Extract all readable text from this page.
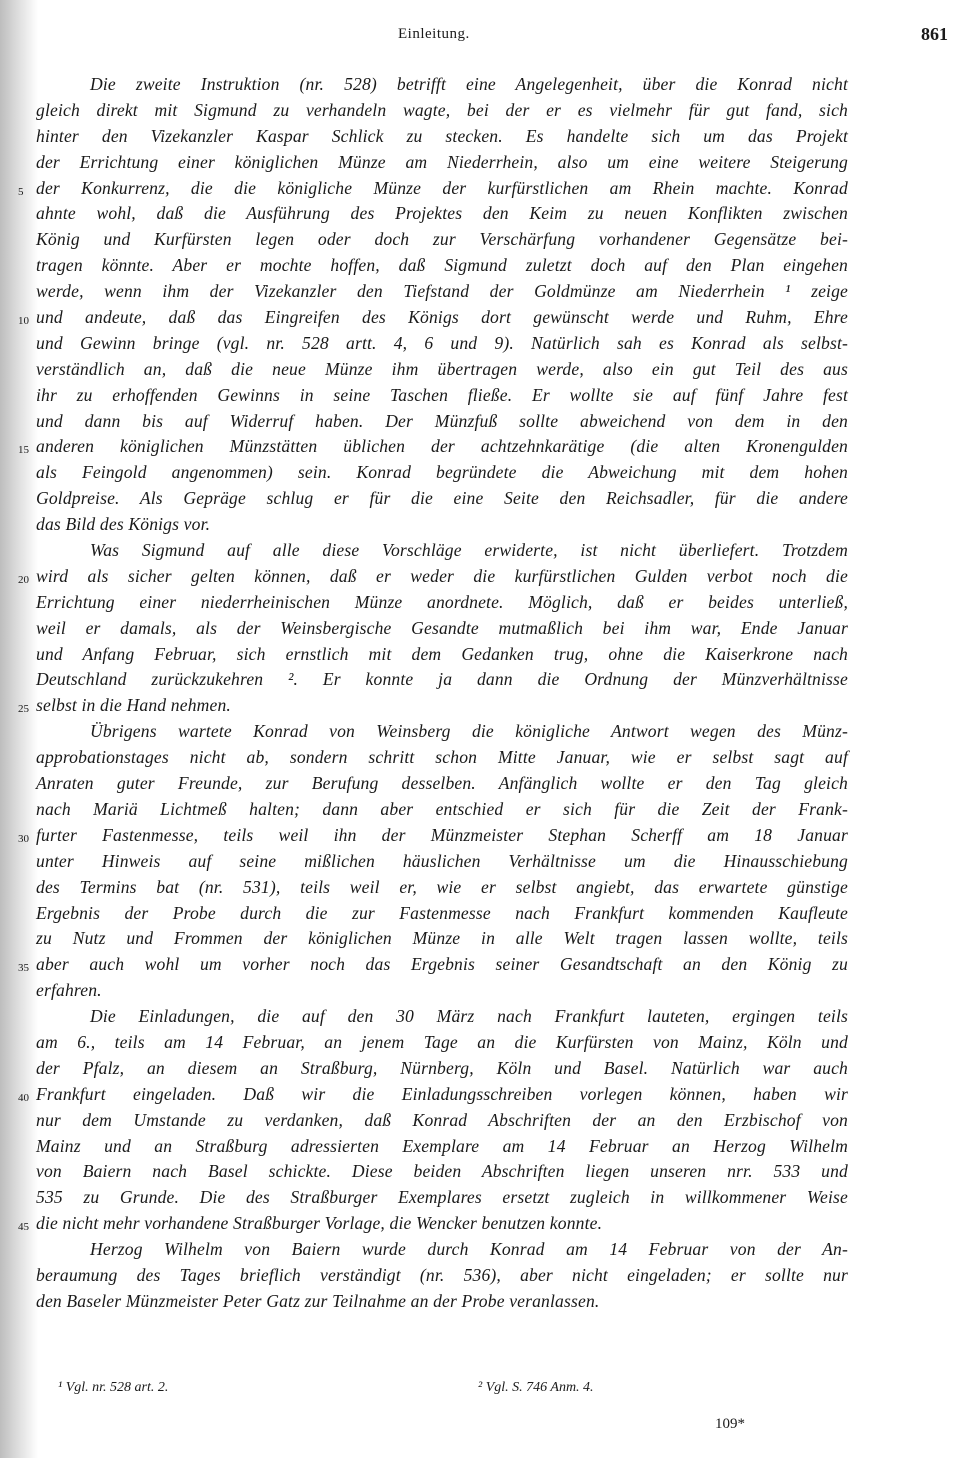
Einleitung.	861
Die zweite Instruktion (nr. 528) betrifft eine Angelegenheit, über die Konrad nicht
gleich direkt mit Sigmund zu verhandeln wagte, bei der er es vielmehr für gut fand, sich
hinter den Vizekanzler Kaspar Schlick zu stecken. Es handelte sich um das Projekt
der Errichtung einer königlichen Münze am Niederrhein, also um eine weitere Steigerung
5 der Konkurrenz, die die königliche Münze der kurfürstlichen am Rhein machte. Konrad
ahnte wohl, daß die Ausführung des Projektes den Keim zu neuen Konflikten zwischen
König und Kurfürsten legen oder doch zur Verschärfung vorhandener Gegensätze bei-
tragen könnte. Aber er mochte hoffen, daß Sigmund zuletzt doch auf den Plan eingehen
werde, wenn ihm der Vizekanzler den Tiefstand der Goldmünze am Niederrhein ¹ zeige
10 und andeute, daß das Eingreifen des Königs dort gewünscht werde und Ruhm, Ehre
und Gewinn bringe (vgl. nr. 528 artt. 4, 6 und 9). Natürlich sah es Konrad als selbst-
verständlich an, daß die neue Münze ihm übertragen werde, also ein gut Teil des aus
ihr zu erhoffenden Gewinns in seine Taschen fließe. Er wollte sie auf fünf Jahre fest
und dann bis auf Widerruf haben. Der Münzfuß sollte abweichend von dem in den
15 anderen königlichen Münzstätten üblichen der achtzehnkarätige (die alten Kronengulden
als Feingold angenommen) sein. Konrad begründete die Abweichung mit dem hohen
Goldpreise. Als Gepräge schlug er für die eine Seite den Reichsadler, für die andere
das Bild des Königs vor.
Was Sigmund auf alle diese Vorschläge erwiderte, ist nicht überliefert. Trotzdem
20 wird als sicher gelten können, daß er weder die kurfürstlichen Gulden verbot noch die
Errichtung einer niederrheinischen Münze anordnete. Möglich, daß er beides unterließ,
weil er damals, als der Weinsbergische Gesandte mutmaßlich bei ihm war, Ende Januar
und Anfang Februar, sich ernstlich mit dem Gedanken trug, ohne die Kaiserkrone nach
Deutschland zurückzukehren ². Er konnte ja dann die Ordnung der Münzverhältnisse
25 selbst in die Hand nehmen.
Übrigens wartete Konrad von Weinsberg die königliche Antwort wegen des Münz-
approbationstages nicht ab, sondern schritt schon Mitte Januar, wie er selbst sagt auf
Anraten guter Freunde, zur Berufung desselben. Anfänglich wollte er den Tag gleich
nach Mariä Lichtmeß halten; dann aber entschied er sich für die Zeit der Frank-
30 furter Fastenmesse, teils weil ihn der Münzmeister Stephan Scherff am 18 Januar
unter Hinweis auf seine mißlichen häuslichen Verhältnisse um die Hinausschiebung
des Termins bat (nr. 531), teils weil er, wie er selbst angiebt, das erwartete günstige
Ergebnis der Probe durch die zur Fastenmesse nach Frankfurt kommenden Kaufleute
zu Nutz und Frommen der königlichen Münze in alle Welt tragen lassen wollte, teils
35 aber auch wohl um vorher noch das Ergebnis seiner Gesandtschaft an den König zu
erfahren.
Die Einladungen, die auf den 30 März nach Frankfurt lauteten, ergingen teils
am 6., teils am 14 Februar, an jenem Tage an die Kurfürsten von Mainz, Köln und
der Pfalz, an diesem an Straßburg, Nürnberg, Köln und Basel. Natürlich war auch
40 Frankfurt eingeladen. Daß wir die Einladungsschreiben vorlegen können, haben wir
nur dem Umstande zu verdanken, daß Konrad Abschriften der an den Erzbischof von
Mainz und an Straßburg adressierten Exemplare am 14 Februar an Herzog Wilhelm
von Baiern nach Basel schickte. Diese beiden Abschriften liegen unseren nrr. 533 und
535 zu Grunde. Die des Straßburger Exemplares ersetzt zugleich in willkommener Weise
45 die nicht mehr vorhandene Straßburger Vorlage, die Wencker benutzen konnte.
Herzog Wilhelm von Baiern wurde durch Konrad am 14 Februar von der An-
beraumung des Tages brieflich verständigt (nr. 536), aber nicht eingeladen; er sollte nur
den Baseler Münzmeister Peter Gatz zur Teilnahme an der Probe veranlassen.
¹ Vgl. nr. 528 art. 2.	² Vgl. S. 746 Anm. 4.
109*
